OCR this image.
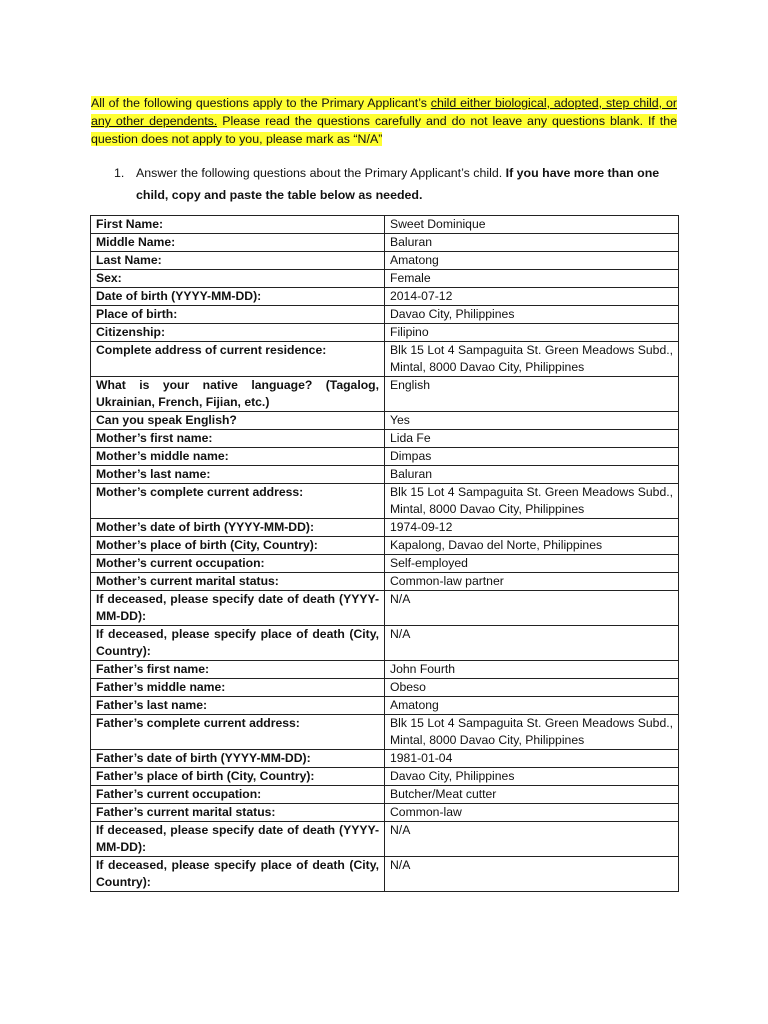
All of the following questions apply to the Primary Applicant’s child either biological, adopted, step child, or any other dependents. Please read the questions carefully and do not leave any questions blank. If the question does not apply to you, please mark as “N/A”

1. Answer the following questions about the Primary Applicant’s child. If you have more than one
child, copy and paste the table below as needed.
First Name:	Sweet Dominique
Middle Name:	Baluran
Last Name:	Amatong
Sex:	Female
Date of birth (YYYY-MM-DD):	2014-07-12
Place of birth:	Davao City, Philippines
Citizenship:	Filipino
Complete address of current residence:	Blk 15 Lot 4 Sampaguita St. Green Meadows Subd., Mintal, 8000 Davao City, Philippines
What is your native language? (Tagalog, Ukrainian, French, Fijian, etc.)	English
Can you speak English?	Yes
Mother’s first name:	Lida Fe
Mother’s middle name:	Dimpas
Mother’s last name:	Baluran
Mother’s complete current address:	Blk 15 Lot 4 Sampaguita St. Green Meadows Subd., Mintal, 8000 Davao City, Philippines
Mother’s date of birth (YYYY-MM-DD):	1974-09-12
Mother’s place of birth (City, Country):	Kapalong, Davao del Norte, Philippines
Mother’s current occupation:	Self-employed
Mother’s current marital status:	Common-law partner
If deceased, please specify date of death (YYYY-MM-DD):	N/A
If deceased, please specify place of death (City, Country):	N/A
Father’s first name:	John Fourth
Father’s middle name:	Obeso
Father’s last name:	Amatong
Father’s complete current address:	Blk 15 Lot 4 Sampaguita St. Green Meadows Subd., Mintal, 8000 Davao City, Philippines
Father’s date of birth (YYYY-MM-DD):	1981-01-04
Father’s place of birth (City, Country):	Davao City, Philippines
Father’s current occupation:	Butcher/Meat cutter
Father’s current marital status:	Common-law
If deceased, please specify date of death (YYYY-MM-DD):	N/A
If deceased, please specify place of death (City, Country):	N/A
